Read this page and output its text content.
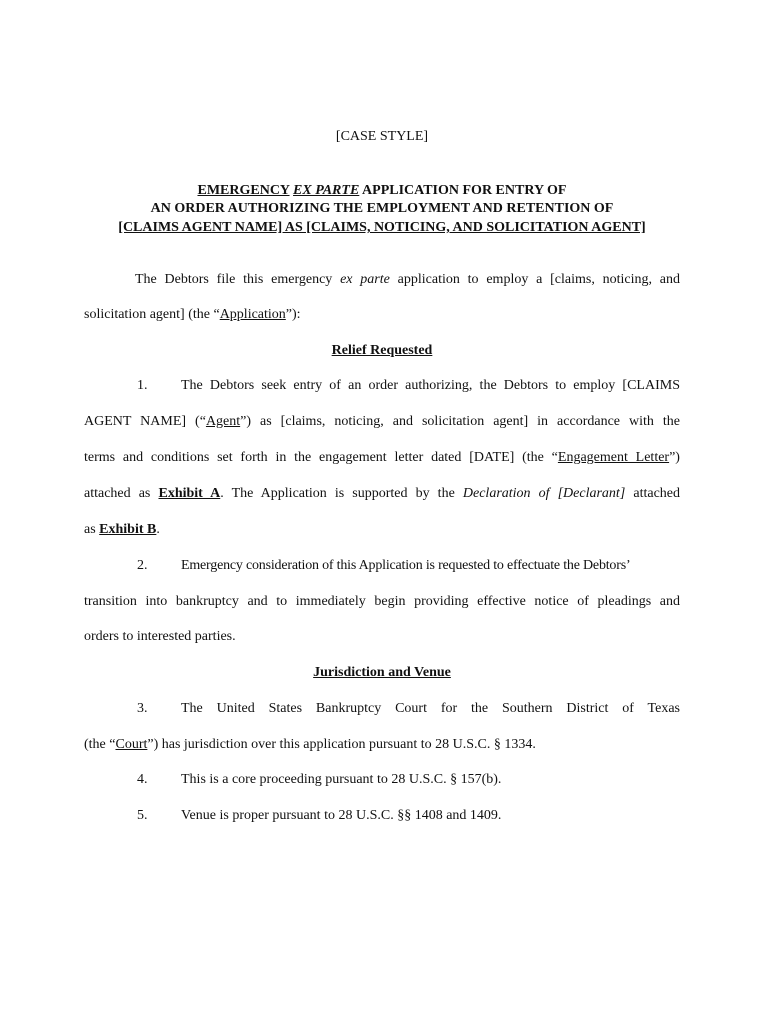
[CASE STYLE]
EMERGENCY EX PARTE APPLICATION FOR ENTRY OF
AN ORDER AUTHORIZING THE EMPLOYMENT AND RETENTION OF
[CLAIMS AGENT NAME] AS [CLAIMS, NOTICING, AND SOLICITATION AGENT]
The Debtors file this emergency ex parte application to employ a [claims, noticing, and
solicitation agent] (the “Application”):
Relief Requested
1. The Debtors seek entry of an order authorizing, the Debtors to employ [CLAIMS
AGENT NAME] (“Agent”) as [claims, noticing, and solicitation agent] in accordance with the
terms and conditions set forth in the engagement letter dated [DATE] (the “Engagement Letter”)
attached as Exhibit A. The Application is supported by the Declaration of [Declarant] attached
as Exhibit B.
2. Emergency consideration of this Application is requested to effectuate the Debtors’
transition into bankruptcy and to immediately begin providing effective notice of pleadings and
orders to interested parties.
Jurisdiction and Venue
3. The United States Bankruptcy Court for the Southern District of Texas
(the “Court”) has jurisdiction over this application pursuant to 28 U.S.C. § 1334.
4. This is a core proceeding pursuant to 28 U.S.C. § 157(b).
5. Venue is proper pursuant to 28 U.S.C. §§ 1408 and 1409.
